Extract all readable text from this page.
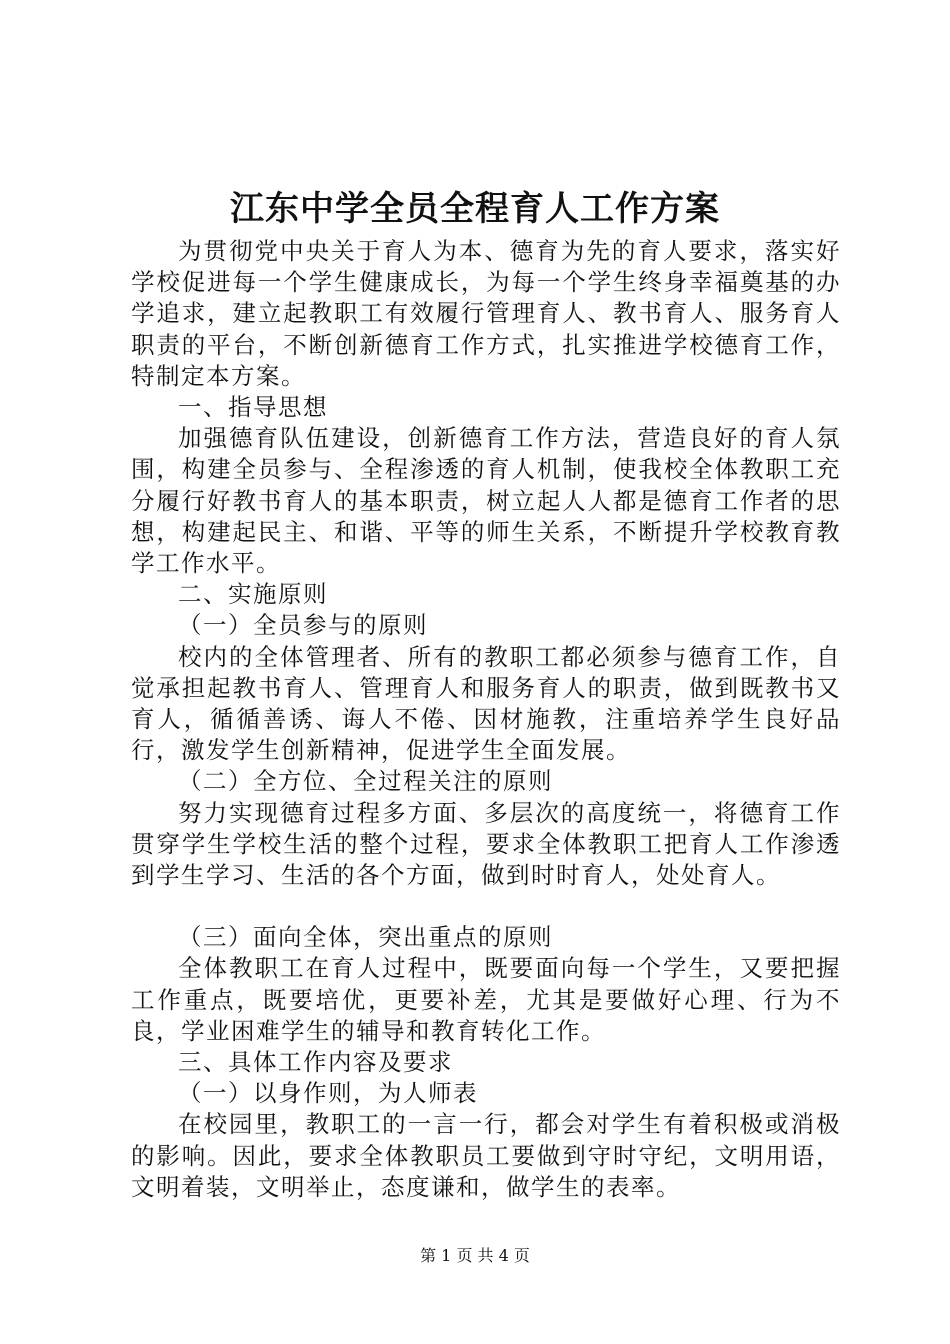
江东中学全员全程育人工作方案

为贯彻党中央关于育人为本、德育为先的育人要求，落实好学校促进每一个学生健康成长，为每一个学生终身幸福奠基的办学追求，建立起教职工有效履行管理育人、教书育人、服务育人职责的平台，不断创新德育工作方式，扎实推进学校德育工作，特制定本方案。

一、指导思想

加强德育队伍建设，创新德育工作方法，营造良好的育人氛围，构建全员参与、全程渗透的育人机制，使我校全体教职工充分履行好教书育人的基本职责，树立起人人都是德育工作者的思想，构建起民主、和谐、平等的师生关系，不断提升学校教育教学工作水平。

二、实施原则

（一）全员参与的原则

校内的全体管理者、所有的教职工都必须参与德育工作，自觉承担起教书育人、管理育人和服务育人的职责，做到既教书又育人，循循善诱、诲人不倦、因材施教，注重培养学生良好品行，激发学生创新精神，促进学生全面发展。

（二）全方位、全过程关注的原则

努力实现德育过程多方面、多层次的高度统一，将德育工作贯穿学生学校生活的整个过程，要求全体教职工把育人工作渗透到学生学习、生活的各个方面，做到时时育人，处处育人。

（三）面向全体，突出重点的原则

全体教职工在育人过程中，既要面向每一个学生，又要把握工作重点，既要培优，更要补差，尤其是要做好心理、行为不良，学业困难学生的辅导和教育转化工作。

三、具体工作内容及要求

（一）以身作则，为人师表

在校园里，教职工的一言一行，都会对学生有着积极或消极的影响。因此，要求全体教职员工要做到守时守纪，文明用语，文明着装，文明举止，态度谦和，做学生的表率。

第 1 页 共 4 页
